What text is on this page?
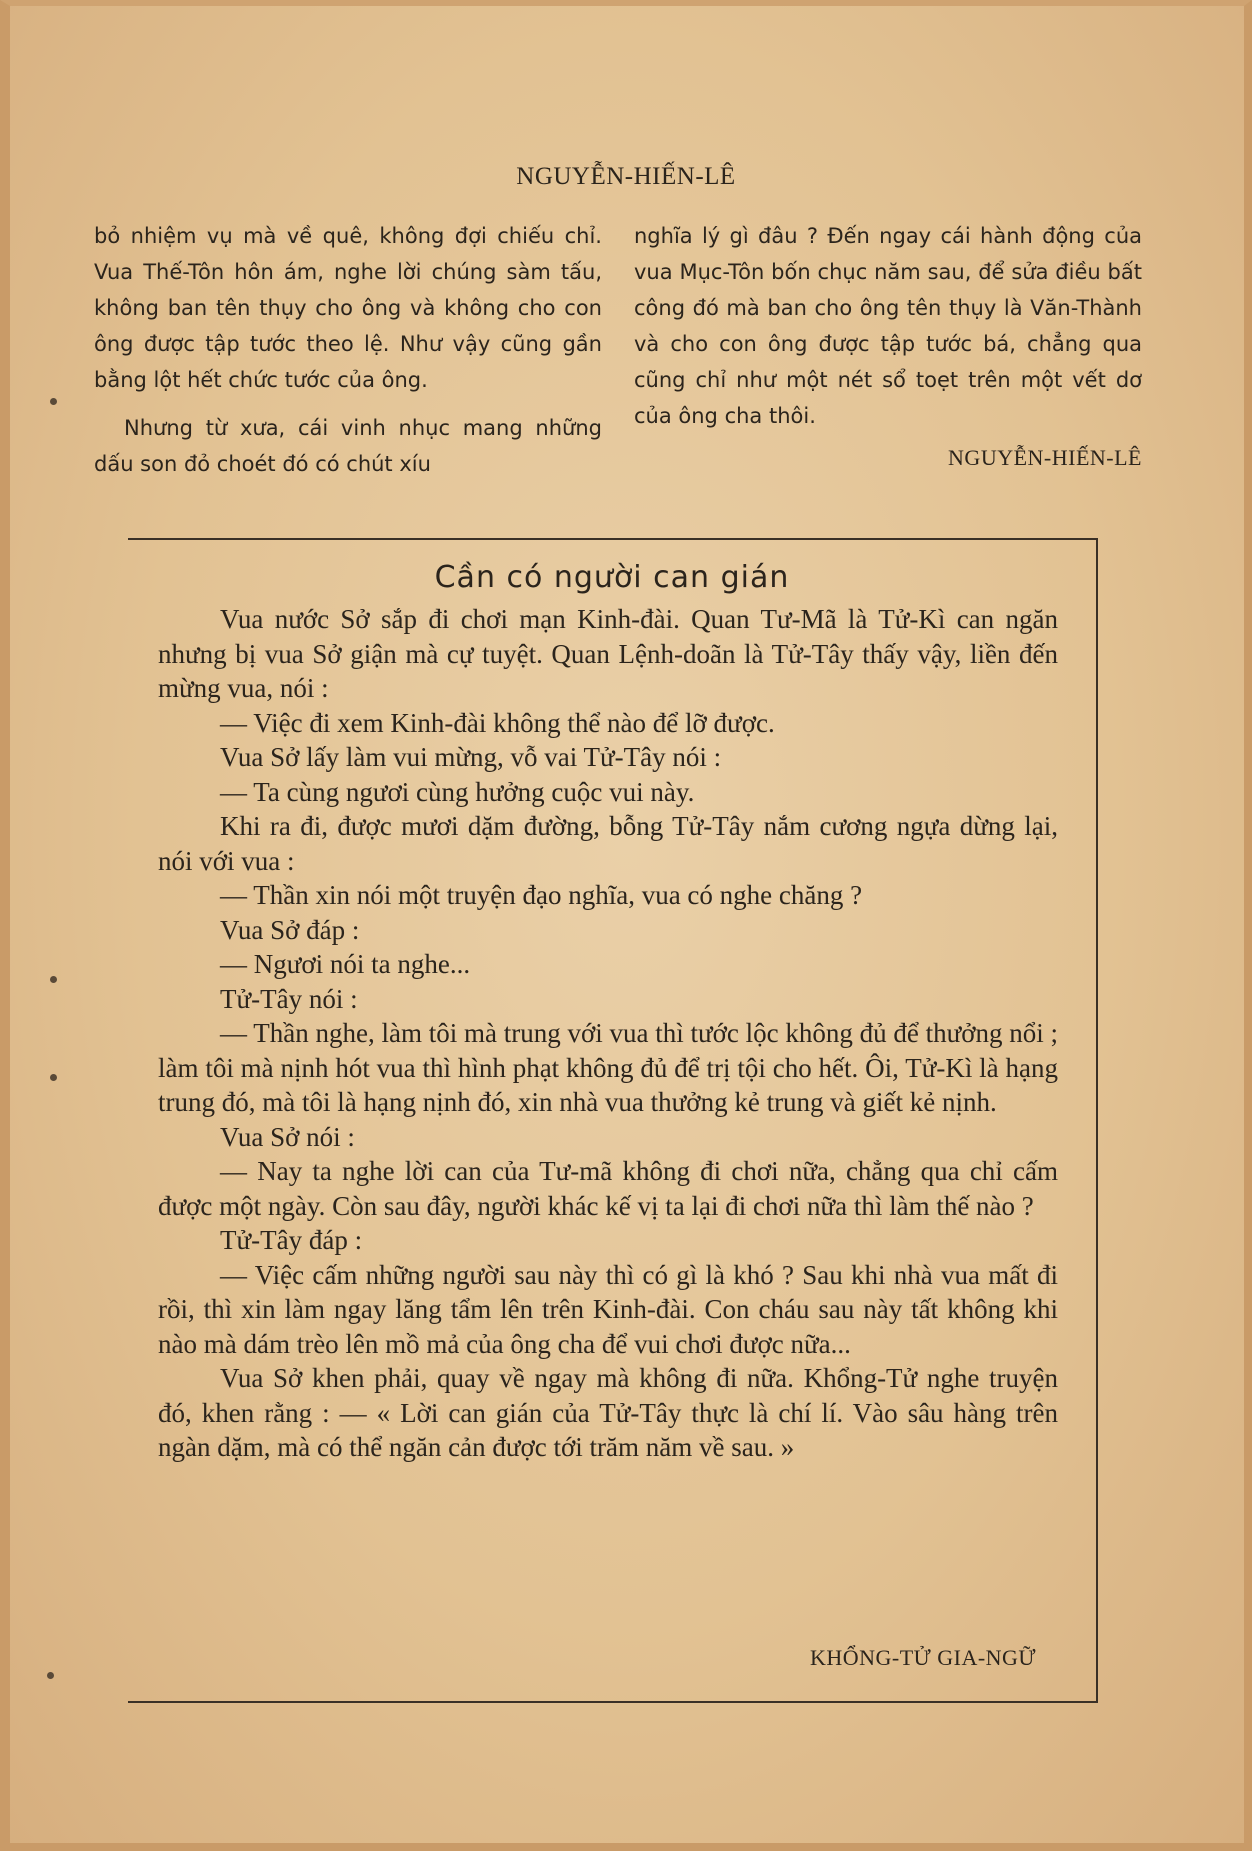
NGUYỄN-HIẾN-LÊ

bỏ nhiệm vụ mà về quê, không đợi chiếu chỉ. Vua Thế-Tôn hôn ám, nghe lời chúng sàm tấu, không ban tên thụy cho ông và không cho con ông được tập tước theo lệ. Như vậy cũng gần bằng lột hết chức tước của ông.

Nhưng từ xưa, cái vinh nhục mang những dấu son đỏ choét đó có chút xíu

nghĩa lý gì đâu ? Đến ngay cái hành động của vua Mục-Tôn bốn chục năm sau, để sửa điều bất công đó mà ban cho ông tên thụy là Văn-Thành và cho con ông được tập tước bá, chẳng qua cũng chỉ như một nét sổ toẹt trên một vết dơ của ông cha thôi.

NGUYỄN-HIẾN-LÊ
Cần có người can gián

Vua nước Sở sắp đi chơi mạn Kinh-đài. Quan Tư-Mã là Tử-Kì can ngăn nhưng bị vua Sở giận mà cự tuyệt. Quan Lệnh-doãn là Tử-Tây thấy vậy, liền đến mừng vua, nói :

— Việc đi xem Kinh-đài không thể nào để lỡ được.

Vua Sở lấy làm vui mừng, vỗ vai Tử-Tây nói :

— Ta cùng ngươi cùng hưởng cuộc vui này.

Khi ra đi, được mươi dặm đường, bỗng Tử-Tây nắm cương ngựa dừng lại, nói với vua :

— Thần xin nói một truyện đạo nghĩa, vua có nghe chăng ?

Vua Sở đáp :

— Ngươi nói ta nghe...

Tử-Tây nói :

— Thần nghe, làm tôi mà trung với vua thì tước lộc không đủ để thưởng nổi ; làm tôi mà nịnh hót vua thì hình phạt không đủ để trị tội cho hết. Ôi, Tử-Kì là hạng trung đó, mà tôi là hạng nịnh đó, xin nhà vua thưởng kẻ trung và giết kẻ nịnh.

Vua Sở nói :

— Nay ta nghe lời can của Tư-mã không đi chơi nữa, chẳng qua chỉ cấm được một ngày. Còn sau đây, người khác kế vị ta lại đi chơi nữa thì làm thế nào ?

Tử-Tây đáp :

— Việc cấm những người sau này thì có gì là khó ? Sau khi nhà vua mất đi rồi, thì xin làm ngay lăng tẩm lên trên Kinh-đài. Con cháu sau này tất không khi nào mà dám trèo lên mồ mả của ông cha để vui chơi được nữa...

Vua Sở khen phải, quay về ngay mà không đi nữa. Khổng-Tử nghe truyện đó, khen rằng : — « Lời can gián của Tử-Tây thực là chí lí. Vào sâu hàng trên ngàn dặm, mà có thể ngăn cản được tới trăm năm về sau. »

KHỔNG-TỬ GIA-NGỮ
